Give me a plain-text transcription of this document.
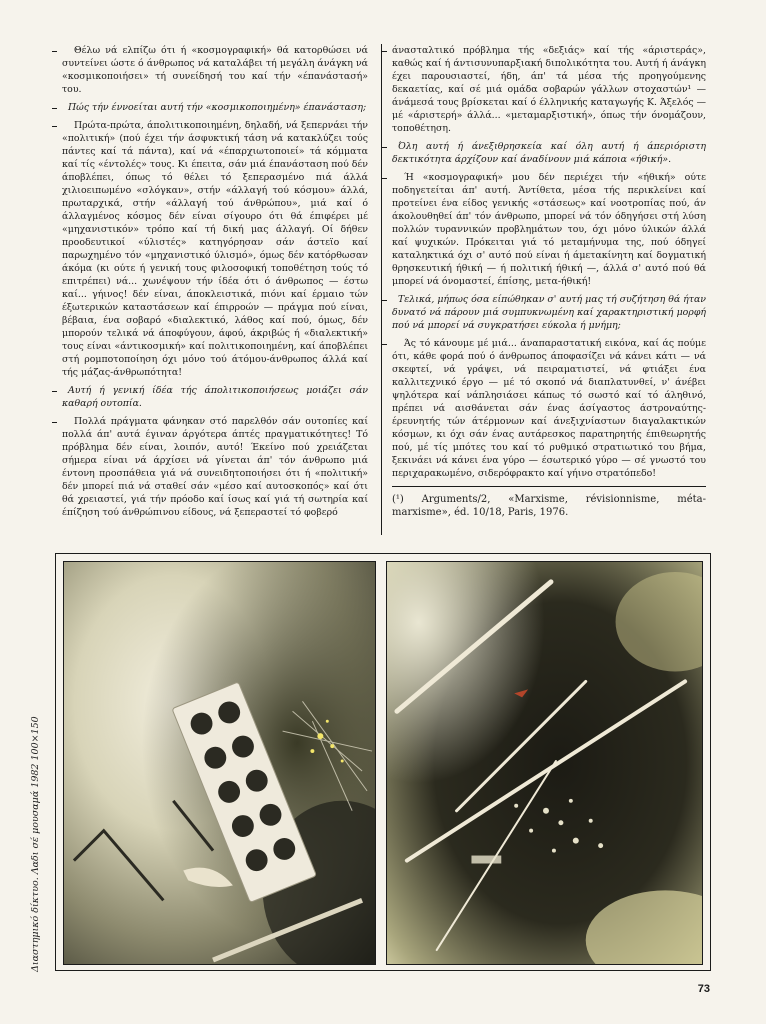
Θέλω νά ελπίζω ότι ή «κοσμογραφική» θά κατορθώσει νά συντείνει ώστε ό άνθρωπος νά καταλάβει τή μεγάλη άνάγκη νά «κοσμικοποιήσει» τή συνείδησή του καί τήν «έπανάστασή» του.

Πώς τήν έννοείται αυτή τήν «κοσμικοποιημένη» έπανάσταση;

Πρώτα-πρώτα, άπολιτικοποιημένη, δηλαδή, νά ξεπερνάει τήν «πολιτική» (πού έχει τήν άσφυκτική τάση νά κατακλύζει τούς πάντες καί τά πάντα), καί νά «έπαρχιωτοποιεί» τά κόμματα καί τίς «έντολές» τους. Κι έπειτα, σάν μιά έπανάσταση πού δέν άποβλέπει, όπως τό θέλει τό ξεπερασμένο πιά άλλά χιλιοειπωμένο «σλόγκαν», στήν «άλλαγή τού κόσμου» άλλά, πρωταρχικά, στήν «άλλαγή τού άνθρώπου», μιά καί ό άλλαγμένος κόσμος δέν είναι σίγουρο ότι θά έπιφέρει μέ «μηχανιστικόν» τρόπο καί τή δική μας άλλαγή. Οί δήθεν προοδευτικοί «ύλιστές» κατηγόρησαν σάν άστεϊο καί παρωχημένο τόν «μηχανιστικό ύλισμό», όμως δέν κατόρθωσαν άκόμα (κι ούτε ή γενική τους φιλοσοφική τοποθέτηση τούς τό επιτρέπει) νά... χωνέψουν τήν ίδέα ότι ό άνθρωπος — έστω καί... γήινος! δέν είναι, άποκλειστικά, πιόνι καί έρμαιο τών έξωτερικών καταστάσεων καί έπιρροών — πράγμα πού είναι, βέβαια, ένα σοβαρό «διαλεκτικό, λάθος καί πού, όμως, δέν μπορούν τελικά νά άποφύγουν, άφού, άκριβώς ή «διαλεκτική» τους είναι «άντικοσμική» καί πολιτικοποιημένη, καί άποβλέπει στή ρομποτοποίηση όχι μόνο τού άτόμου-άνθρωπος άλλά καί τής μάζας-άνθρωπότητα!

Αυτή ή γενική ίδέα τής άπολιτικοποιήσεως μοιάζει σάν καθαρή ουτοπία.

Πολλά πράγματα φάνηκαν στό παρελθόν σάν ουτοπίες καί πολλά άπ' αυτά έγιναν άργότερα άπτές πραγματικότητες! Τό πρόβλημα δέν είναι, λοιπόν, αυτό! Έκείνο πού χρειάζεται σήμερα είναι νά άρχίσει νά γίνεται άπ' τόν άνθρωπο μιά έντονη προσπάθεια γιά νά συνειδητοποιήσει ότι ή «πολιτική» δέν μπορεί πιά νά σταθεί σάν «μέσο καί αυτοσκοπός» καί ότι θά χρειαστεί, γιά τήν πρόοδο καί ίσως καί γιά τή σωτηρία καί έπίζηση τού άνθρώπινου είδους, νά ξεπεραστεί τό φοβερό

άνασταλτικό πρόβλημα τής «δεξιάς» καί τής «άριστεράς», καθώς καί ή άντισυνυπαρξιακή διπολικότητα του. Αυτή ή άνάγκη έχει παρουσιαστεί, ήδη, άπ' τά μέσα τής προηγούμενης δεκαετίας, καί σέ μιά ομάδα σοβαρών γάλλων στοχαστών¹ — άνάμεσά τους βρίσκεται καί ό έλληνικής καταγωγής Κ. Άξελός — μέ «άριστερή» άλλά... «μεταμαρξιστική», όπως τήν όνομάζουν, τοποθέτηση.

Όλη αυτή ή άνεξιθρησκεία καί όλη αυτή ή άπεριόριστη δεκτικότητα άρχίζουν καί άναδίνουν μιά κάποια «ήθική».

Ή «κοσμογραφική» μου δέν περιέχει τήν «ήθική» ούτε ποδηγετείται άπ' αυτή. Άντίθετα, μέσα τής περικλείνει καί προτείνει ένα είδος γενικής «στάσεως» καί νοοτροπίας πού, άν άκολουθηθεί άπ' τόν άνθρωπο, μπορεί νά τόν όδηγήσει στή λύση πολλών τυραννικών προβλημάτων του, όχι μόνο ύλικών άλλά καί ψυχικών. Πρόκειται γιά τό μεταμήνυμα της, πού όδηγεί καταληκτικά όχι σ' αυτό πού είναι ή άμετακίνητη καί δογματική θρησκευτική ήθική — ή πολιτική ήθική —, άλλά σ' αυτό πού θά μπορεί νά όνομαστεί, έπίσης, μετα-ήθική!

Τελικά, μήπως όσα είπώθηκαν σ' αυτή μας τή συζήτηση θά ήταν δυνατό νά πάρουν μιά συμπυκνωμένη καί χαρακτηριστική μορφή πού νά μπορεί νά συγκρατήσει εύκολα ή μνήμη;

Άς τό κάνουμε μέ μιά... άναπαραστατική εικόνα, καί άς πούμε ότι, κάθε φορά πού ό άνθρωπος άποφασίζει νά κάνει κάτι — νά σκεφτεί, νά γράψει, νά πειραματιστεί, νά φτιάξει ένα καλλιτεχνικό έργο — μέ τό σκοπό νά διαπλατυνθεί, ν' άνέβει ψηλότερα καί νάπλησιάσει κάπως τό σωστό καί τό άληθινό, πρέπει νά αισθάνεται σάν ένας άσίγαστος άστροναύτης-έρευνητής τών άτέρμονων καί άνεξιχνίαστων διαγαλακτικών κόσμων, κι όχι σάν ένας αυτάρεσκος παρατηρητής έπιθεωρητής πού, μέ τίς μπότες του καί τό ρυθμικό στρατιωτικό του βήμα, ξεκινάει νά κάνει ένα γύρο — έσωτερικό γύρο — σέ γνωστό του περιχαρακωμένο, σιδερόφρακτο καί γήινο στρατόπεδο!

(¹) Arguments/2, «Marxisme, révisionnisme, méta-marxisme», éd. 10/18, Paris, 1976.
Διαστημικό δίκτυο. Λαδι σέ μουσαμά 1982 100×150
73
